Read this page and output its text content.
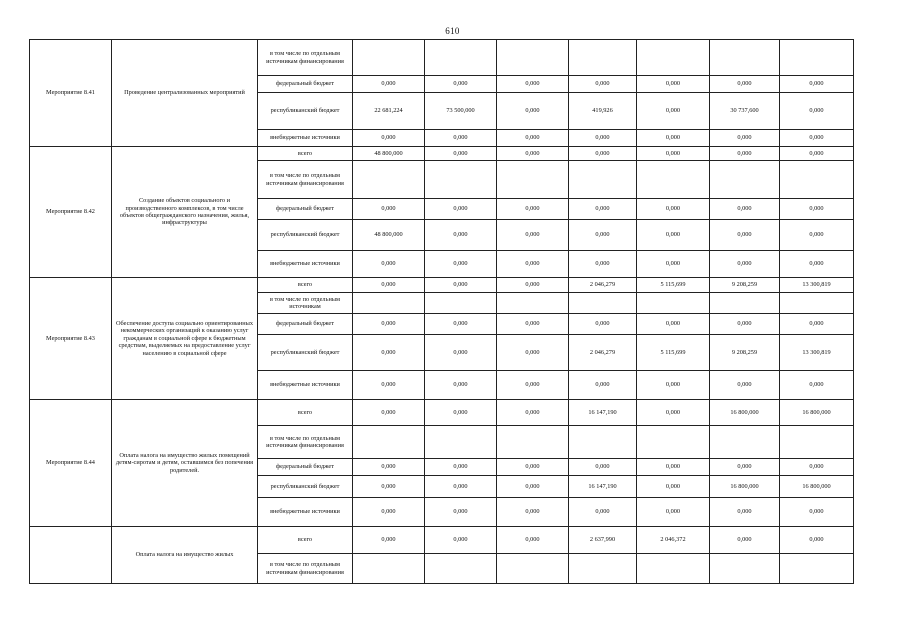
610
Мероприятие 8.41	Проведение централизованных мероприятий	в том числе по отдельным источникам финансирования							
		федеральный бюджет	0,000	0,000	0,000	0,000	0,000	0,000	0,000
		республиканский бюджет	22 681,224	73 500,000	0,000	419,926	0,000	30 737,600	0,000
		внебюджетные источники	0,000	0,000	0,000	0,000	0,000	0,000	0,000
Мероприятие 8.42	Создание объектов социального и производственного комплексов, в том числе объектов общегражданского назначения, жилья, инфраструктуры	всего	48 800,000	0,000	0,000	0,000	0,000	0,000	0,000
		в том числе по отдельным источникам финансирования							
		федеральный бюджет	0,000	0,000	0,000	0,000	0,000	0,000	0,000
		республиканский бюджет	48 800,000	0,000	0,000	0,000	0,000	0,000	0,000
		внебюджетные источники	0,000	0,000	0,000	0,000	0,000	0,000	0,000
Мероприятие 8.43	Обеспечение доступа социально ориентированных некоммерческих организаций к оказанию услуг гражданам в социальной сфере к бюджетным средствам, выделяемых на предоставление услуг населению в социальной сфере	всего	0,000	0,000	0,000	2 046,279	5 115,699	9 208,259	13 300,819
		в том числе по отдельным источникам							
		федеральный бюджет	0,000	0,000	0,000	0,000	0,000	0,000	0,000
		республиканский бюджет	0,000	0,000	0,000	2 046,279	5 115,699	9 208,259	13 300,819
		внебюджетные источники	0,000	0,000	0,000	0,000	0,000	0,000	0,000
Мероприятие 8.44	Оплата налога на имущество жилых помещений детям-сиротам и детям, оставшимся без попечения родителей.	всего	0,000	0,000	0,000	16 147,190	0,000	16 800,000	16 800,000
		в том числе по отдельным источникам финансирования							
		федеральный бюджет	0,000	0,000	0,000	0,000	0,000	0,000	0,000
		республиканский бюджет	0,000	0,000	0,000	16 147,190	0,000	16 800,000	16 800,000
		внебюджетные источники	0,000	0,000	0,000	0,000	0,000	0,000	0,000
	Оплата налога на имущество жилых	всего	0,000	0,000	0,000	2 637,990	2 046,372	0,000	0,000
		в том числе по отдельным источникам финансирования							
